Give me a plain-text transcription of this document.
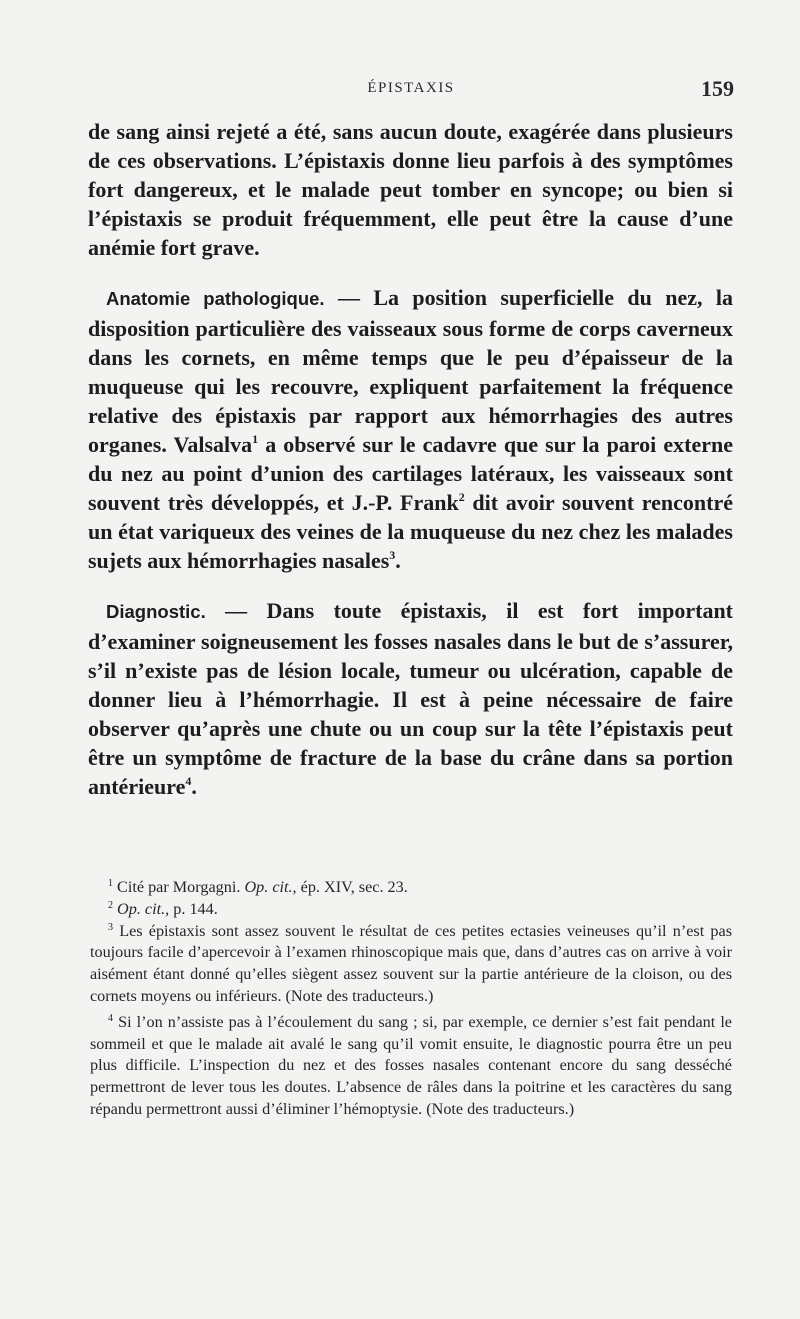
ÉPISTAXIS	159

de sang ainsi rejeté a été, sans aucun doute, exagérée dans plusieurs de ces observations. L’épistaxis donne lieu parfois à des symptômes fort dangereux, et le malade peut tomber en syncope; ou bien si l’épistaxis se produit fréquemment, elle peut être la cause d’une anémie fort grave.

Anatomie pathologique. — La position superficielle du nez, la disposition particulière des vaisseaux sous forme de corps caverneux dans les cornets, en même temps que le peu d’épaisseur de la muqueuse qui les recouvre, expliquent parfaitement la fréquence relative des épistaxis par rapport aux hémorrhagies des autres organes. Valsalva$^1$ a observé sur le cadavre que sur la paroi externe du nez au point d’union des cartilages latéraux, les vaisseaux sont souvent très développés, et J.-P. Frank$^2$ dit avoir souvent rencontré un état variqueux des veines de la muqueuse du nez chez les malades sujets aux hémorrhagies nasales$^3$.

Diagnostic. — Dans toute épistaxis, il est fort important d’examiner soigneusement les fosses nasales dans le but de s’assurer, s’il n’existe pas de lésion locale, tumeur ou ulcération, capable de donner lieu à l’hémorrhagie. Il est à peine nécessaire de faire observer qu’après une chute ou un coup sur la tête l’épistaxis peut être un symptôme de fracture de la base du crâne dans sa portion antérieure$^4$.

$^1$ Cité par Morgagni. Op. cit., ép. XIV, sec. 23.

$^2$ Op. cit., p. 144.

$^3$ Les épistaxis sont assez souvent le résultat de ces petites ectasies veineuses qu’il n’est pas toujours facile d’apercevoir à l’examen rhinoscopique mais que, dans d’autres cas on arrive à voir aisément étant donné qu’elles siègent assez souvent sur la partie antérieure de la cloison, ou des cornets moyens ou inférieurs. (Note des traducteurs.)

$^4$ Si l’on n’assiste pas à l’écoulement du sang ; si, par exemple, ce dernier s’est fait pendant le sommeil et que le malade ait avalé le sang qu’il vomit ensuite, le diagnostic pourra être un peu plus difficile. L’inspection du nez et des fosses nasales contenant encore du sang desséché permettront de lever tous les doutes. L’absence de râles dans la poitrine et les caractères du sang répandu permettront aussi d’éliminer l’hémoptysie. (Note des traducteurs.)
